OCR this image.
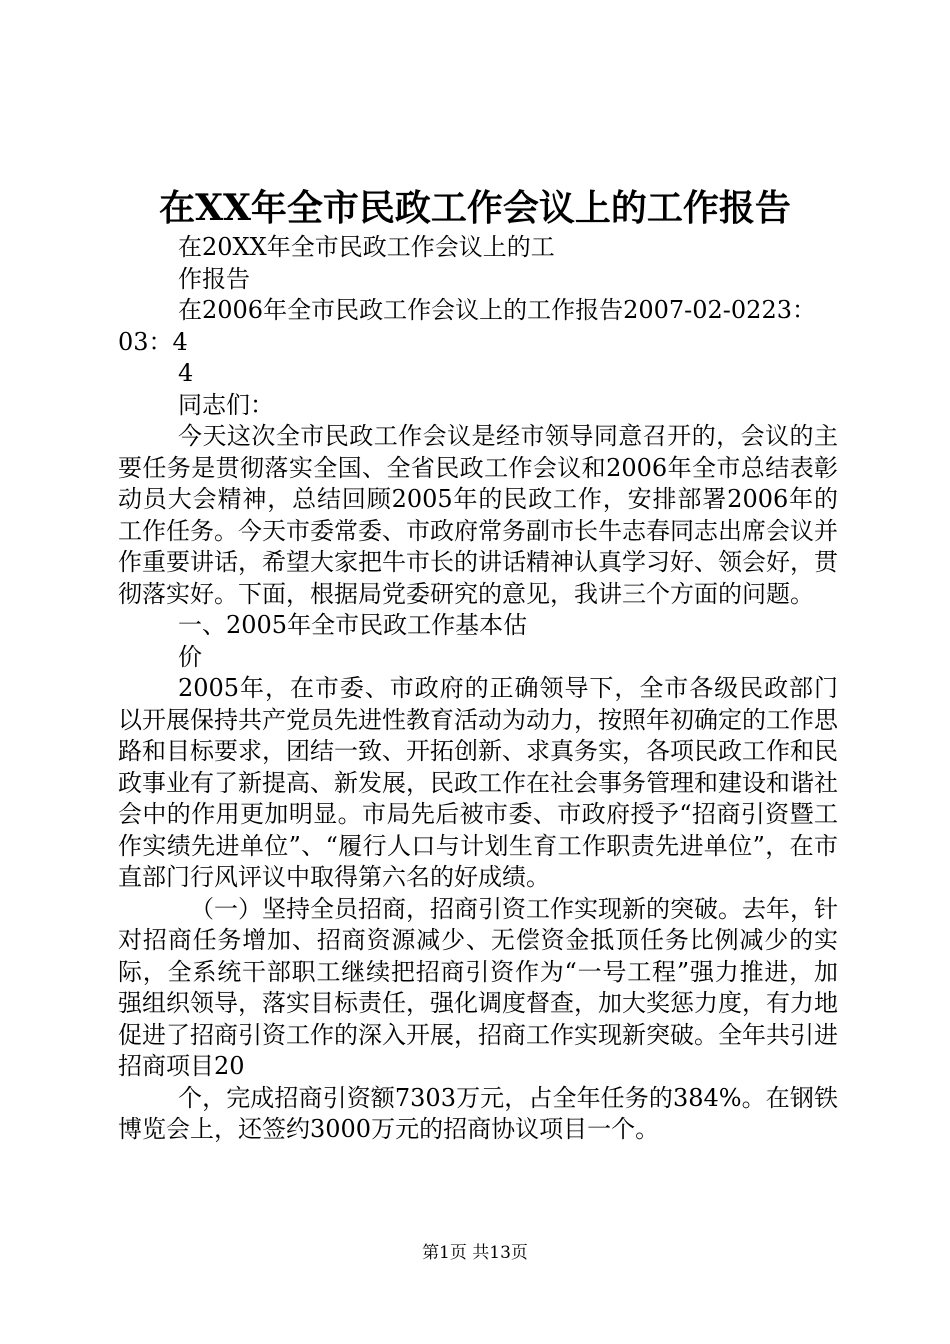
在XX年全市民政工作会议上的工作报告

在20XX年全市民政工作会议上的工

作报告

在2006年全市民政工作会议上的工作报告2007-02-0223：

03：4

4

同志们：

今天这次全市民政工作会议是经市领导同意召开的，会议的主要任务是贯彻落实全国、全省民政工作会议和2006年全市总结表彰动员大会精神，总结回顾2005年的民政工作，安排部署2006年的工作任务。今天市委常委、市政府常务副市长牛志春同志出席会议并作重要讲话，希望大家把牛市长的讲话精神认真学习好、领会好，贯彻落实好。下面，根据局党委研究的意见，我讲三个方面的问题。

一、2005年全市民政工作基本估

价

2005年，在市委、市政府的正确领导下，全市各级民政部门以开展保持共产党员先进性教育活动为动力，按照年初确定的工作思路和目标要求，团结一致、开拓创新、求真务实，各项民政工作和民政事业有了新提高、新发展，民政工作在社会事务管理和建设和谐社会中的作用更加明显。市局先后被市委、市政府授予“招商引资暨工作实绩先进单位”、“履行人口与计划生育工作职责先进单位”，在市直部门行风评议中取得第六名的好成绩。

（一）坚持全员招商，招商引资工作实现新的突破。去年，针对招商任务增加、招商资源减少、无偿资金抵顶任务比例减少的实际，全系统干部职工继续把招商引资作为“一号工程”强力推进，加强组织领导，落实目标责任，强化调度督查，加大奖惩力度，有力地促进了招商引资工作的深入开展，招商工作实现新突破。全年共引进招商项目20

个，完成招商引资额7303万元，占全年任务的384%。在钢铁博览会上，还签约3000万元的招商协议项目一个。

第1页 共13页
